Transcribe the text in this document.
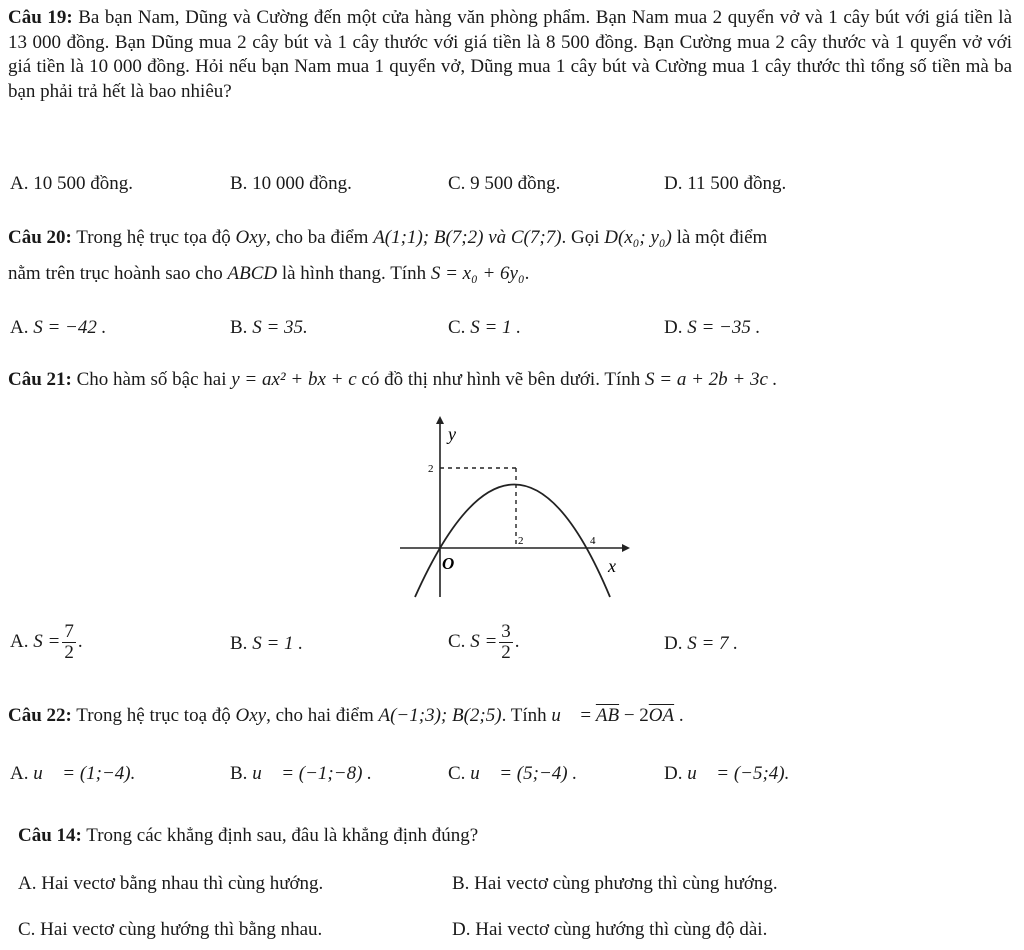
Câu 19: Ba bạn Nam, Dũng và Cường đến một cửa hàng văn phòng phẩm. Bạn Nam mua 2 quyển vở và 1 cây bút với giá tiền là 13 000 đồng. Bạn Dũng mua 2 cây bút và 1 cây thước với giá tiền là 8 500 đồng. Bạn Cường mua 2 cây thước và 1 quyển vở với giá tiền là 10 000 đồng. Hỏi nếu bạn Nam mua 1 quyển vở, Dũng mua 1 cây bút và Cường mua 1 cây thước thì tổng số tiền mà ba bạn phải trả hết là bao nhiêu?

A. 10 500 đồng.	B. 10 000 đồng.	C. 9 500 đồng.	D. 11 500 đồng.
Câu 20: Trong hệ trục tọa độ Oxy, cho ba điểm A(1;1); B(7;2) và C(7;7). Gọi D(x₀; y₀) là một điểm
nằm trên trục hoành sao cho ABCD là hình thang. Tính S = x₀ + 6y₀.
A. S = −42 .	B. S = 35.	C. S = 1 .	D. S = −35 .
Câu 21: Cho hàm số bậc hai y = ax² + bx + c có đồ thị như hình vẽ bên dưới. Tính S = a + 2b + 3c .
y
x
O
2
2	4
A. $S = \frac{7}{2}$ .	B. S = 1 .	C. $S = \frac{3}{2}$ .	D. S = 7 .
Câu 22: Trong hệ trục toạ độ Oxy, cho hai điểm A(−1;3); B(2;5). Tính u⃗ = $\overline{AB} - 2\overline{OA}$ .
A. u⃗ = (1;−4).	B. u⃗ = (−1;−8) .	C. u⃗ = (5;−4) .	D. u⃗ = (−5;4).
Câu 14: Trong các khẳng định sau, đâu là khẳng định đúng?
A. Hai vectơ bằng nhau thì cùng hướng.	B. Hai vectơ cùng phương thì cùng hướng.
C. Hai vectơ cùng hướng thì bằng nhau.	D. Hai vectơ cùng hướng thì cùng độ dài.
